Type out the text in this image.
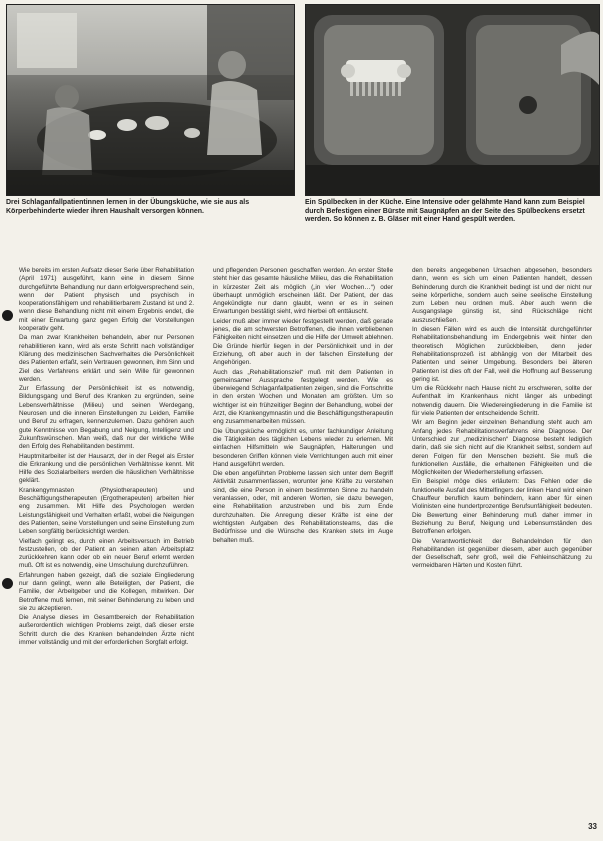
Drei Schlaganfallpatientinnen lernen in der Übungsküche, wie sie aus als Körperbehinderte wieder ihren Haushalt versorgen können.
Ein Spülbecken in der Küche. Eine Intensive oder gelähmte Hand kann zum Beispiel durch Befestigen einer Bürste mit Saugnäpfen an der Seite des Spülbeckens ersetzt werden. So können z. B. Gläser mit einer Hand gespült werden.

Wie bereits im ersten Aufsatz dieser Serie über Rehabilitation (April 1971) ausgeführt, kann eine in diesem Sinne durchgeführte Behandlung nur dann erfolgversprechend sein, wenn der Patient physisch und psychisch in kooperationsfähigem und rehabilitierbarem Zustand ist und 2. wenn diese Behandlung nicht mit einem Ergebnis endet, die mit einer Erwartung ganz gegen Erfolg der Vorstellungen kooperativ geht.

Da man zwar Krankheiten behandeln, aber nur Personen rehabilitieren kann, wird als erste Schritt nach vollständiger Klärung des medizinischen Sachverhaltes die Persönlichkeit des Patienten erfaßt, sein Vertrauen gewonnen, ihm Sinn und Ziel des Verfahrens erklärt und sein Wille für gewonnen werden.

Zur Erfassung der Persönlichkeit ist es notwendig, Bildungsgang und Beruf des Kranken zu ergründen, seine Lebensverhältnisse (Milieu) und seinen Werdegang, Neurosen und die inneren Einstellungen zu Leiden, Familie und Beruf zu erfragen, kennenzulernen. Dazu gehören auch gute Kenntnisse von Begabung und Neigung, Intelligenz und Zukunftswünschen. Man weiß, daß nur der wirkliche Wille den Erfolg des Rehabilitanden bestimmt.

Hauptmitarbeiter ist der Hausarzt, der in der Regel als Erster die Erkrankung und die persönlichen Verhältnisse kennt. Mit Hilfe des Sozialarbeiters werden die häuslichen Verhältnisse geklärt.

Krankengymnasten (Physiotherapeuten) und Beschäftigungstherapeuten (Ergotherapeuten) arbeiten hier eng zusammen. Mit Hilfe des Psychologen werden Leistungsfähigkeit und Verhalten erfaßt, wobei die Neigungen des Patienten, seine Vorstellungen und seine Einstellung zum Leben sorgfältig berücksichtigt werden.

Vielfach gelingt es, durch einen Arbeitsversuch im Betrieb festzustellen, ob der Patient an seinen alten Arbeitsplatz zurückkehren kann oder ob ein neuer Beruf erlernt werden muß. Oft ist es notwendig, eine Umschulung durchzuführen.

Erfahrungen haben gezeigt, daß die soziale Eingliederung nur dann gelingt, wenn alle Beteiligten, der Patient, die Familie, der Arbeitgeber und die Kollegen, mitwirken. Der Betroffene muß lernen, mit seiner Behinderung zu leben und sie zu akzeptieren.

Die Analyse dieses im Gesamtbereich der Rehabilitation außerordentlich wichtigen Problems zeigt, daß dieser erste Schritt durch die des Kranken behandelnden Ärzte nicht immer vollständig und mit der erforderlichen Sorgfalt erfolgt.

und pflegenden Personen geschaffen werden. An erster Stelle steht hier das gesamte häusliche Milieu, das die Rehabilitation in kürzester Zeit als möglich („in vier Wochen…“) oder überhaupt unmöglich erscheinen läßt. Der Patient, der das Angekündigte nur dann glaubt, wenn er es in seinen Erwartungen bestätigt sieht, wird hierbei oft enttäuscht.

Leider muß aber immer wieder festgestellt werden, daß gerade jenes, die am schwersten Betroffenen, die ihnen verbliebenen Fähigkeiten nicht einsetzen und die Hilfe der Umwelt ablehnen. Die Gründe hierfür liegen in der Persönlichkeit und in der Erziehung, oft aber auch in der falschen Einstellung der Angehörigen.

Auch das „Rehabilitationsziel“ muß mit dem Patienten in gemeinsamer Aussprache festgelegt werden. Wie es überwiegend Schlaganfallpatienten zeigen, sind die Fortschritte in den ersten Wochen und Monaten am größten. Um so wichtiger ist ein frühzeitiger Beginn der Behandlung, wobei der Arzt, die Krankengymnastin und die Beschäftigungstherapeutin eng zusammenarbeiten müssen.

Die Übungsküche ermöglicht es, unter fachkundiger Anleitung die Tätigkeiten des täglichen Lebens wieder zu erlernen. Mit einfachen Hilfsmitteln wie Saugnäpfen, Halterungen und besonderen Griffen können viele Verrichtungen auch mit einer Hand ausgeführt werden.

Die eben angeführten Probleme lassen sich unter dem Begriff Aktivität zusammenfassen, worunter jene Kräfte zu verstehen sind, die eine Person in einem bestimmten Sinne zu handeln veranlassen, oder, mit anderen Worten, sie dazu bewegen, eine Rehabilitation anzustreben und bis zum Ende durchzuhalten. Die Anregung dieser Kräfte ist eine der wichtigsten Aufgaben des Rehabilitationsteams, das die Bedürfnisse und die Wünsche des Kranken stets im Auge behalten muß.

den bereits angegebenen Ursachen abgesehen, besonders dann, wenn es sich um einen Patienten handelt, dessen Behinderung durch die Krankheit bedingt ist und der nicht nur seine körperliche, sondern auch seine seelische Einstellung zum Leben neu ordnen muß. Aber auch wenn die Ausgangslage günstig ist, sind Rückschläge nicht auszuschließen.

In diesen Fällen wird es auch die Intensität durchgeführter Rehabilitationsbehandlung im Endergebnis weit hinter den theoretisch Möglichen zurückbleiben, denn jeder Rehabilitationsprozeß ist abhängig von der Mitarbeit des Patienten und seiner Umgebung. Besonders bei älteren Patienten ist dies oft der Fall, weil die Hoffnung auf Besserung gering ist.

Um die Rückkehr nach Hause nicht zu erschweren, sollte der Aufenthalt im Krankenhaus nicht länger als unbedingt notwendig dauern. Die Wiedereingliederung in die Familie ist für viele Patienten der entscheidende Schritt.

Wir am Beginn jeder einzelnen Behandlung steht auch am Anfang jedes Rehabilitationsverfahrens eine Diagnose. Der Unterschied zur „medizinischen“ Diagnose besteht lediglich darin, daß sie sich nicht auf die Krankheit selbst, sondern auf deren Folgen für den Menschen bezieht. Sie muß die funktionellen Ausfälle, die erhaltenen Fähigkeiten und die Möglichkeiten der Wiederherstellung erfassen.

Ein Beispiel möge dies erläutern: Das Fehlen oder die funktionelle Ausfall des Mittelfingers der linken Hand wird einen Chauffeur beruflich kaum behindern, kann aber für einen Violinisten eine hundertprozentige Berufsunfähigkeit bedeuten. Die Bewertung einer Behinderung muß daher immer in Beziehung zu Beruf, Neigung und Lebensumständen des Betroffenen erfolgen.

Die Verantwortlichkeit der Behandelnden für den Rehabilitanden ist gegenüber diesem, aber auch gegenüber der Gesellschaft, sehr groß, weil die Fehleinschätzung zu vermeidbaren Härten und Kosten führt.

33
